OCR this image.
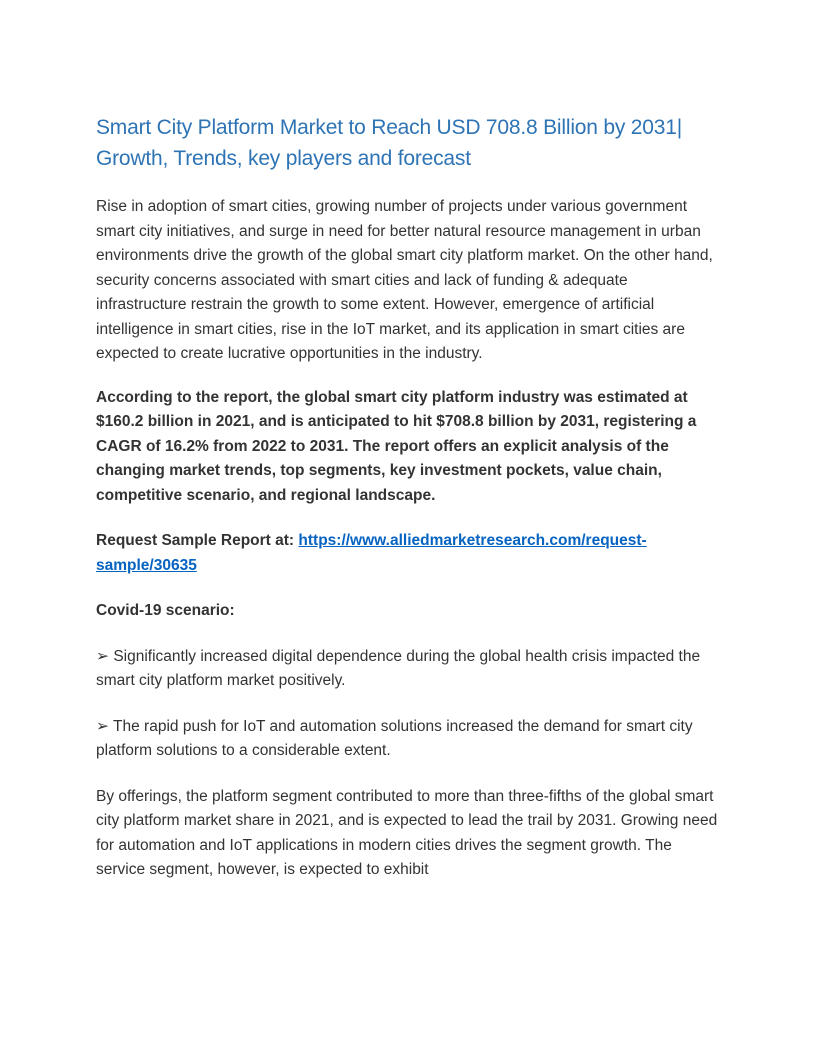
Smart City Platform Market to Reach USD 708.8 Billion by 2031| Growth, Trends, key players and forecast

Rise in adoption of smart cities, growing number of projects under various government smart city initiatives, and surge in need for better natural resource management in urban environments drive the growth of the global smart city platform market. On the other hand, security concerns associated with smart cities and lack of funding & adequate infrastructure restrain the growth to some extent. However, emergence of artificial intelligence in smart cities, rise in the IoT market, and its application in smart cities are expected to create lucrative opportunities in the industry.

According to the report, the global smart city platform industry was estimated at $160.2 billion in 2021, and is anticipated to hit $708.8 billion by 2031, registering a CAGR of 16.2% from 2022 to 2031. The report offers an explicit analysis of the changing market trends, top segments, key investment pockets, value chain, competitive scenario, and regional landscape.

Request Sample Report at: https://www.alliedmarketresearch.com/request-sample/30635

Covid-19 scenario:

➢ Significantly increased digital dependence during the global health crisis impacted the smart city platform market positively.

➢ The rapid push for IoT and automation solutions increased the demand for smart city platform solutions to a considerable extent.

By offerings, the platform segment contributed to more than three-fifths of the global smart city platform market share in 2021, and is expected to lead the trail by 2031. Growing need for automation and IoT applications in modern cities drives the segment growth. The service segment, however, is expected to exhibit
